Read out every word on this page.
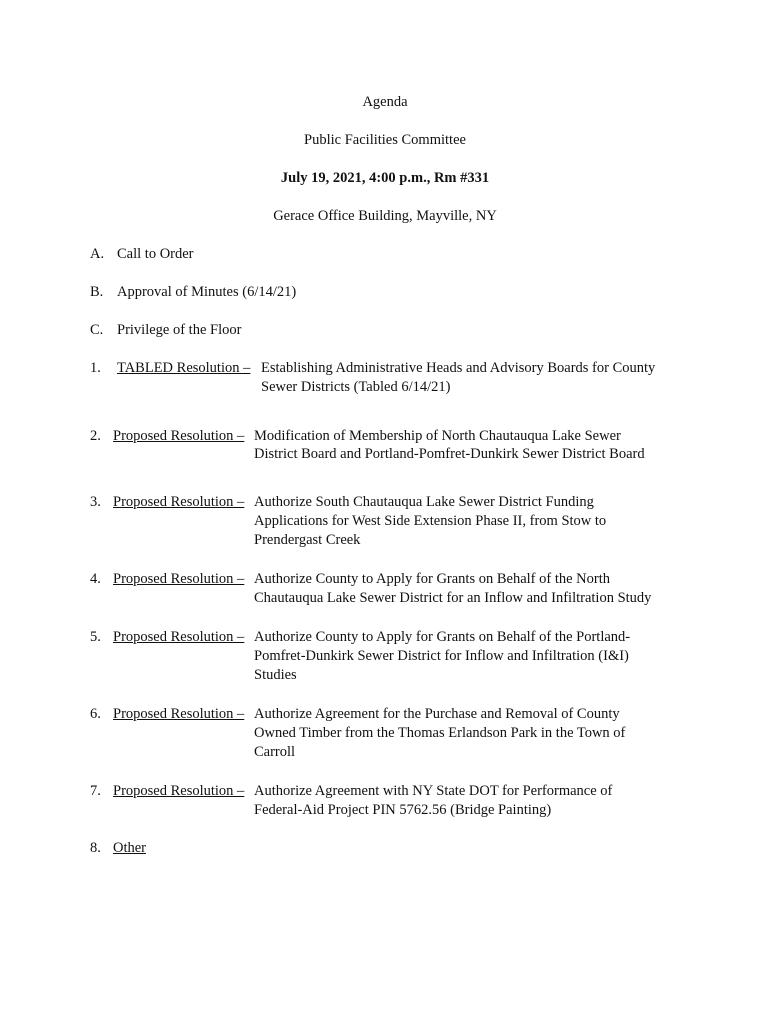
Agenda
Public Facilities Committee
July 19, 2021, 4:00 p.m., Rm #331
Gerace Office Building, Mayville, NY
A. Call to Order
B. Approval of Minutes (6/14/21)
C. Privilege of the Floor
1. TABLED Resolution – Establishing Administrative Heads and Advisory Boards for County
Sewer Districts (Tabled 6/14/21)
2. Proposed Resolution – Modification of Membership of North Chautauqua Lake Sewer
District Board and Portland-Pomfret-Dunkirk Sewer District Board
3. Proposed Resolution – Authorize South Chautauqua Lake Sewer District Funding
Applications for West Side Extension Phase II, from Stow to
Prendergast Creek
4. Proposed Resolution – Authorize County to Apply for Grants on Behalf of the North
Chautauqua Lake Sewer District for an Inflow and Infiltration Study
5. Proposed Resolution – Authorize County to Apply for Grants on Behalf of the Portland-
Pomfret-Dunkirk Sewer District for Inflow and Infiltration (I&I)
Studies
6. Proposed Resolution – Authorize Agreement for the Purchase and Removal of County
Owned Timber from the Thomas Erlandson Park in the Town of
Carroll
7. Proposed Resolution – Authorize Agreement with NY State DOT for Performance of
Federal-Aid Project PIN 5762.56 (Bridge Painting)
8. Other
